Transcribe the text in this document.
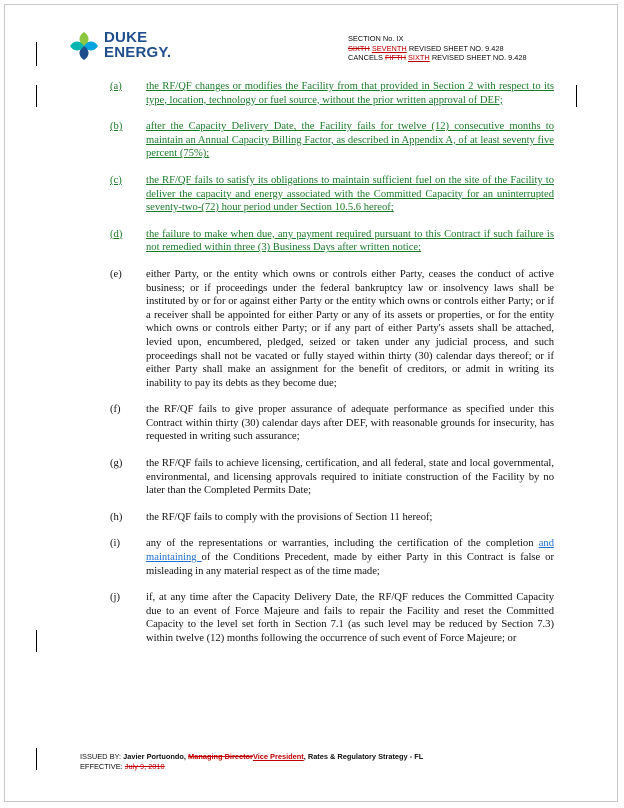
DUKE
ENERGY.
SECTION No. IX
SIXTH SEVENTH REVISED SHEET NO. 9.428
CANCELS FIFTH SIXTH REVISED SHEET NO. 9.428
(a) the RF/QF changes or modifies the Facility from that provided in Section 2 with respect to its type, location, technology or fuel source, without the prior written approval of DEF;
(b) after the Capacity Delivery Date, the Facility fails for twelve (12) consecutive months to maintain an Annual Capacity Billing Factor, as described in Appendix A, of at least seventy five percent (75%);
(c) the RF/QF fails to satisfy its obligations to maintain sufficient fuel on the site of the Facility to deliver the capacity and energy associated with the Committed Capacity for an uninterrupted seventy-two-(72) hour period under Section 10.5.6 hereof;
(d) the failure to make when due, any payment required pursuant to this Contract if such failure is not remedied within three (3) Business Days after written notice;
(e) either Party, or the entity which owns or controls either Party, ceases the conduct of active business; or if proceedings under the federal bankruptcy law or insolvency laws shall be instituted by or for or against either Party or the entity which owns or controls either Party; or if a receiver shall be appointed for either Party or any of its assets or properties, or for the entity which owns or controls either Party; or if any part of either Party's assets shall be attached, levied upon, encumbered, pledged, seized or taken under any judicial process, and such proceedings shall not be vacated or fully stayed within thirty (30) calendar days thereof; or if either Party shall make an assignment for the benefit of creditors, or admit in writing its inability to pay its debts as they become due;
(f) the RF/QF fails to give proper assurance of adequate performance as specified under this Contract within thirty (30) calendar days after DEF, with reasonable grounds for insecurity, has requested in writing such assurance;
(g) the RF/QF fails to achieve licensing, certification, and all federal, state and local governmental, environmental, and licensing approvals required to initiate construction of the Facility by no later than the Completed Permits Date;
(h) the RF/QF fails to comply with the provisions of Section 11 hereof;
(i) any of the representations or warranties, including the certification of the completion and maintaining of the Conditions Precedent, made by either Party in this Contract is false or misleading in any material respect as of the time made;
(j) if, at any time after the Capacity Delivery Date, the RF/QF reduces the Committed Capacity due to an event of Force Majeure and fails to repair the Facility and reset the Committed Capacity to the level set forth in Section 7.1 (as such level may be reduced by Section 7.3) within twelve (12) months following the occurrence of such event of Force Majeure; or
ISSUED BY: Javier Portuondo, Managing DirectorVice President, Rates & Regulatory Strategy - FL
EFFECTIVE: July 9, 2010
